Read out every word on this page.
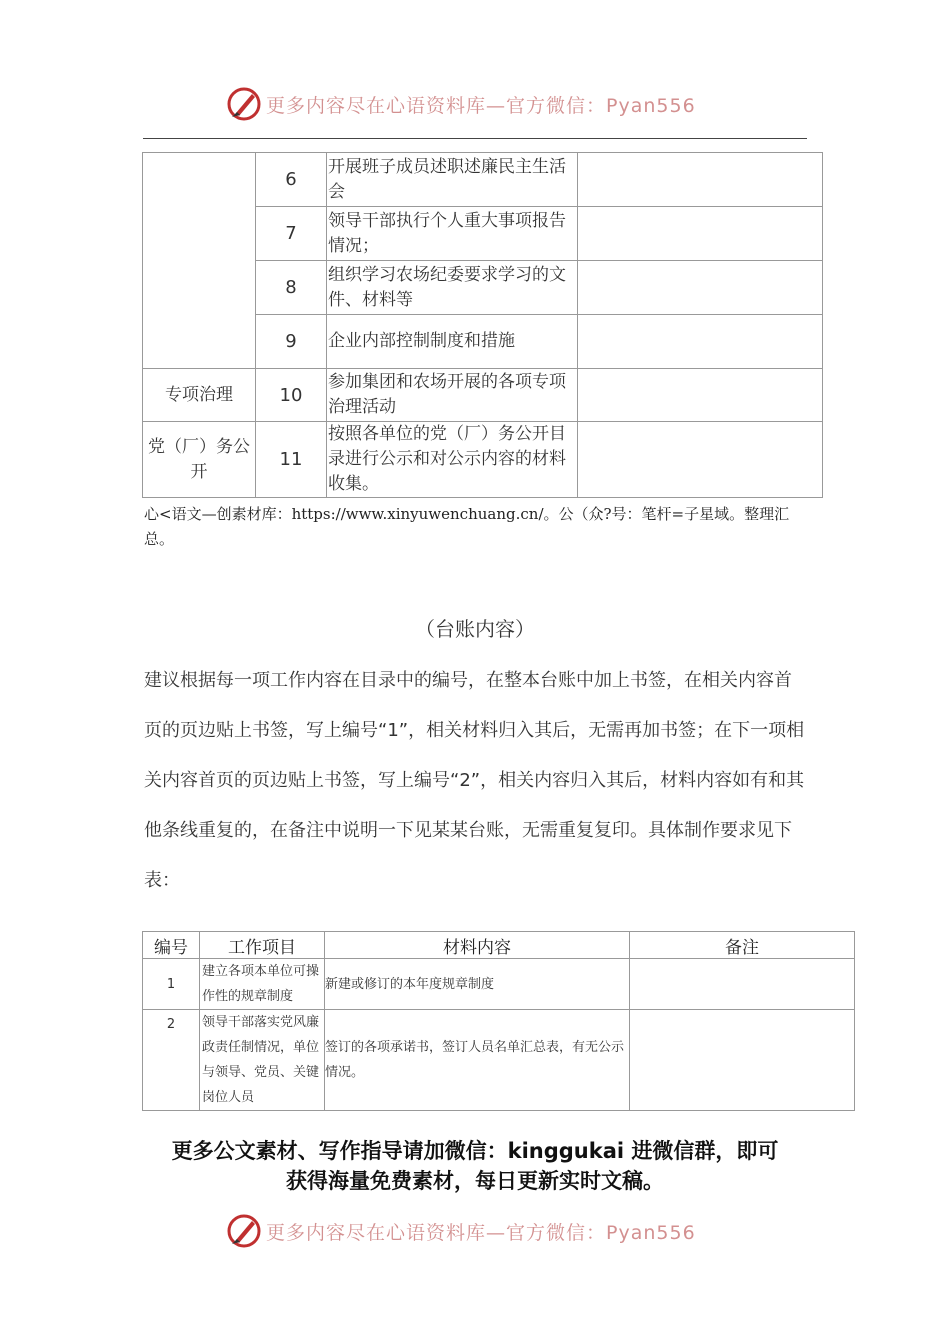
更多内容尽在心语资料库—官方微信：Pyan556
	6	开展班子成员述职述廉民主生活会	
	7	领导干部执行个人重大事项报告情况；	
	8	组织学习农场纪委要求学习的文件、材料等	
	9	企业内部控制制度和措施	
专项治理	10	参加集团和农场开展的各项专项治理活动	
党（厂）务公开	11	按照各单位的党（厂）务公开目录进行公示和对公示内容的材料收集。	
心<语文—创素材库：https://www.xinyuwenchuang.cn/。公（众?号：笔杆=子星域。整理汇总。
（台账内容）
建议根据每一项工作内容在目录中的编号，在整本台账中加上书签，在相关内容首页的页边贴上书签，写上编号“1”，相关材料归入其后，无需再加书签；在下一项相关内容首页的页边贴上书签，写上编号“2”，相关内容归入其后，材料内容如有和其他条线重复的，在备注中说明一下见某某台账，无需重复复印。具体制作要求见下表：
编号	工作项目	材料内容	备注
1	建立各项本单位可操作性的规章制度	新建或修订的本年度规章制度	
2	领导干部落实党风廉政责任制情况，单位与领导、党员、关键岗位人员	签订的各项承诺书，签订人员名单汇总表，有无公示情况。	
更多公文素材、写作指导请加微信：kinggukai 进微信群，即可
获得海量免费素材，每日更新实时文稿。
更多内容尽在心语资料库—官方微信：Pyan556
